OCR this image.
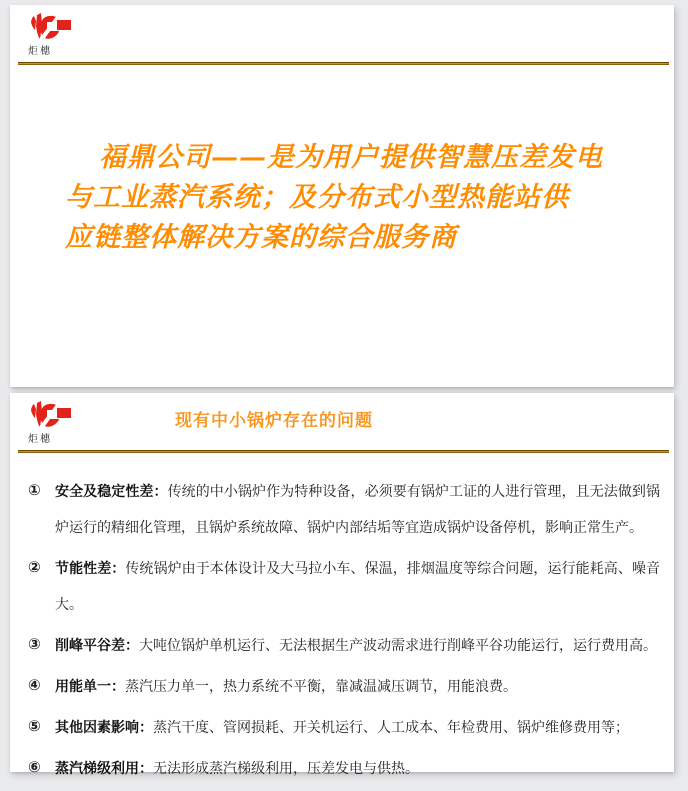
炬橞
福鼎公司——是为用户提供智慧压差发电
与工业蒸汽系统；及分布式小型热能站供
应链整体解决方案的综合服务商
炬橞
现有中小锅炉存在的问题
① 安全及稳定性差：传统的中小锅炉作为特种设备，必须要有锅炉工证的人进行管理，且无法做到锅炉运行的精细化管理，且锅炉系统故障、锅炉内部结垢等宜造成锅炉设备停机，影响正常生产。
② 节能性差：传统锅炉由于本体设计及大马拉小车、保温，排烟温度等综合问题，运行能耗高、噪音大。
③ 削峰平谷差：大吨位锅炉单机运行、无法根据生产波动需求进行削峰平谷功能运行，运行费用高。
④ 用能单一：蒸汽压力单一，热力系统不平衡，靠减温减压调节，用能浪费。
⑤ 其他因素影响：蒸汽干度、管网损耗、开关机运行、人工成本、年检费用、锅炉维修费用等；
⑥ 蒸汽梯级利用：无法形成蒸汽梯级利用，压差发电与供热。
